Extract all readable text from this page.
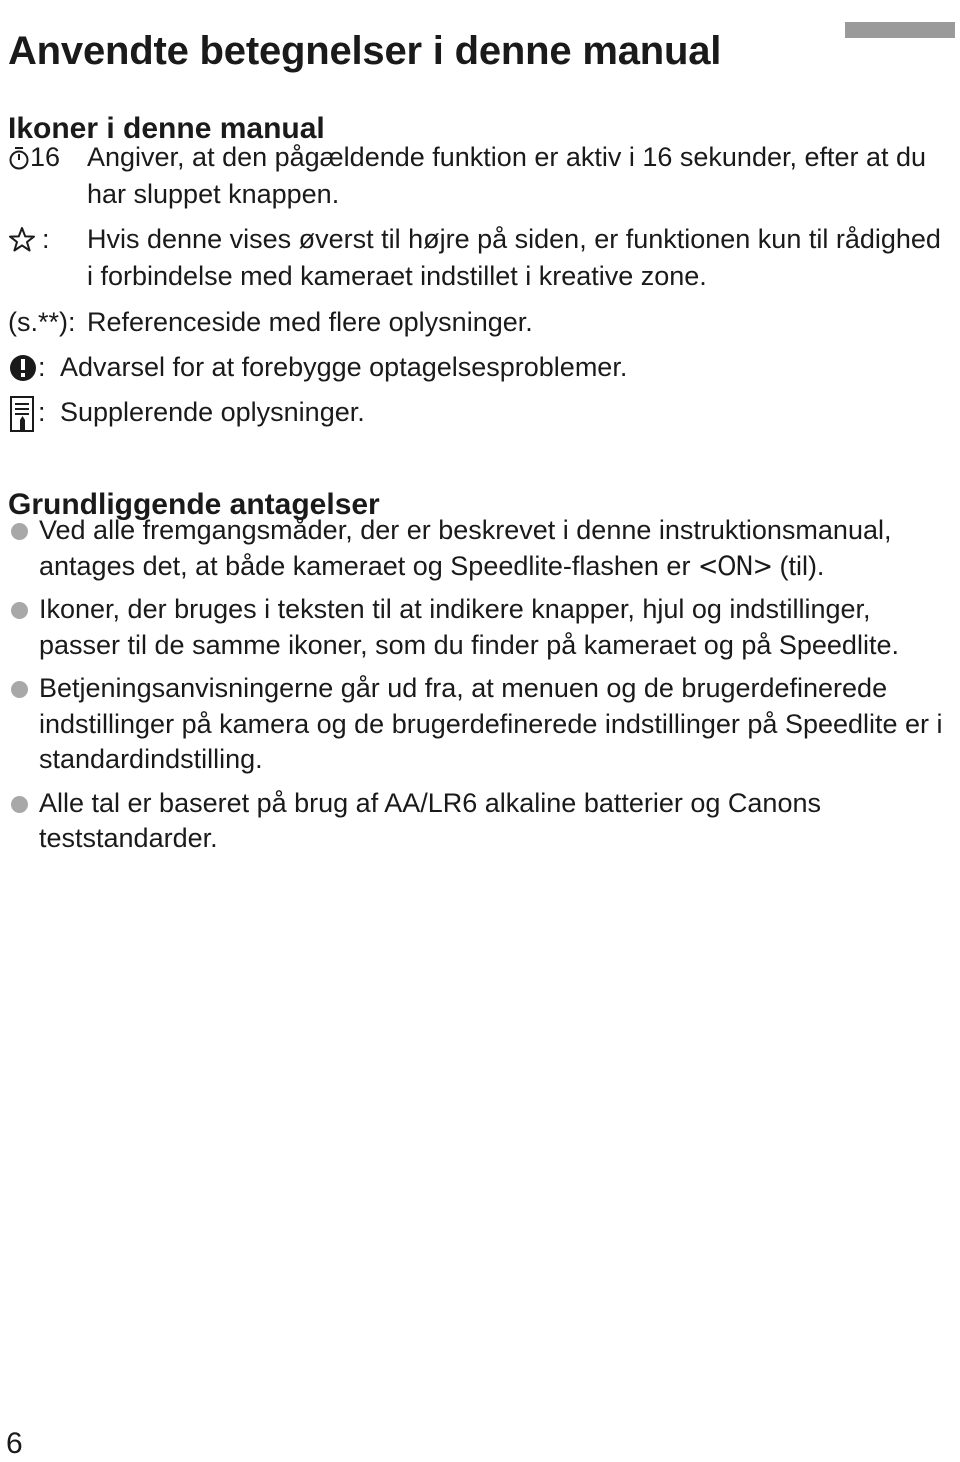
Anvendte betegnelser i denne manual
Ikoner i denne manual
16 Angiver, at den pågældende funktion er aktiv i 16 sekunder, efter at du har sluppet knappen.
:	Hvis denne vises øverst til højre på siden, er funktionen kun til rådighed i forbindelse med kameraet indstillet i kreative zone.
(s.**): Referenceside med flere oplysninger.
: Advarsel for at forebygge optagelsesproblemer.
: Supplerende oplysninger.
Grundliggende antagelser
Ved alle fremgangsmåder, der er beskrevet i denne instruktionsmanual, antages det, at både kameraet og Speedlite-flashen er <ON> (til).
Ikoner, der bruges i teksten til at indikere knapper, hjul og indstillinger, passer til de samme ikoner, som du finder på kameraet og på Speedlite.
Betjeningsanvisningerne går ud fra, at menuen og de brugerdefinerede indstillinger på kamera og de brugerdefinerede indstillinger på Speedlite er i standardindstilling.
Alle tal er baseret på brug af AA/LR6 alkaline batterier og Canons teststandarder.
6
